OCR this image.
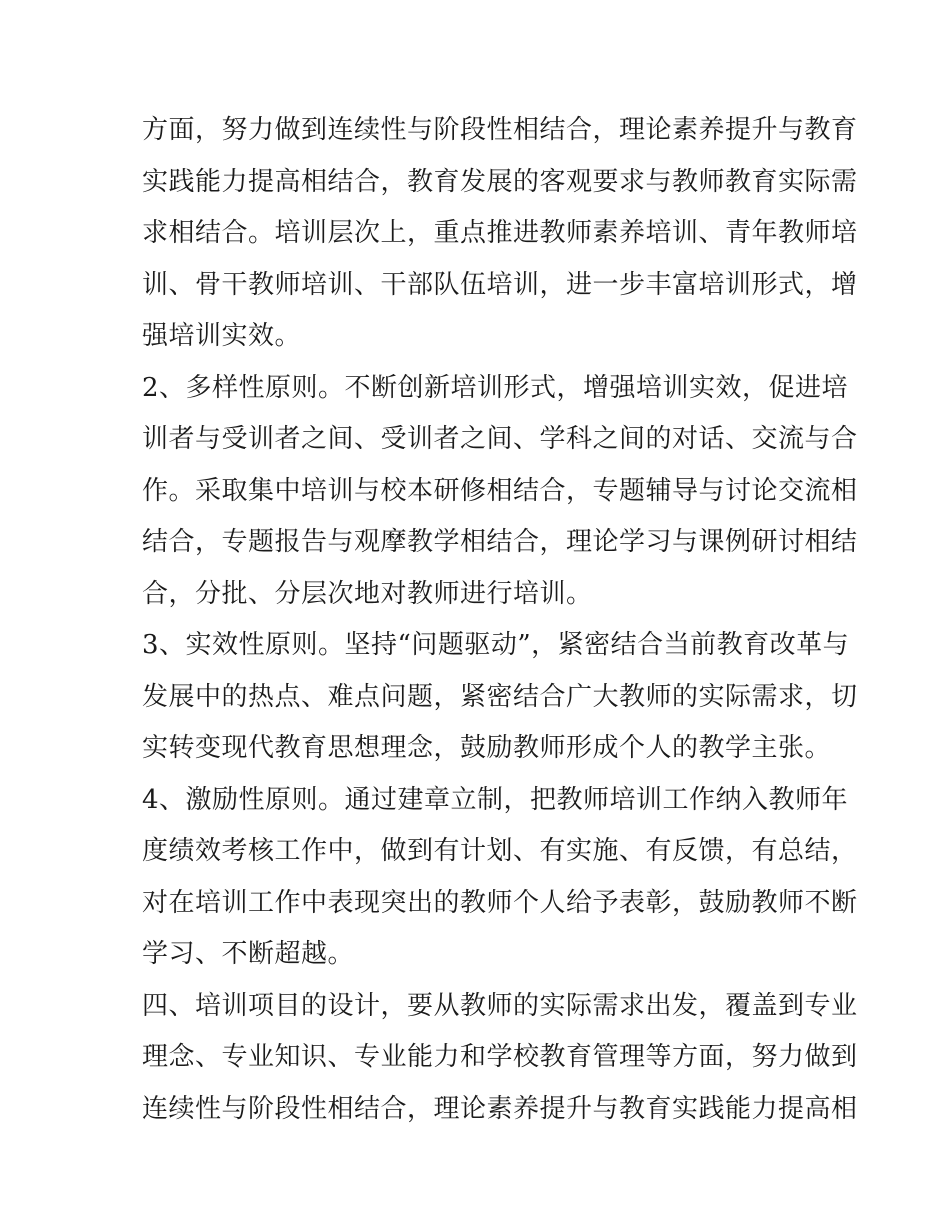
方面，努力做到连续性与阶段性相结合，理论素养提升与教育
实践能力提高相结合，教育发展的客观要求与教师教育实际需
求相结合。培训层次上，重点推进教师素养培训、青年教师培
训、骨干教师培训、干部队伍培训，进一步丰富培训形式，增
强培训实效。
2、多样性原则。不断创新培训形式，增强培训实效，促进培
训者与受训者之间、受训者之间、学科之间的对话、交流与合
作。采取集中培训与校本研修相结合，专题辅导与讨论交流相
结合，专题报告与观摩教学相结合，理论学习与课例研讨相结
合，分批、分层次地对教师进行培训。
3、实效性原则。坚持“问题驱动”，紧密结合当前教育改革与
发展中的热点、难点问题，紧密结合广大教师的实际需求，切
实转变现代教育思想理念，鼓励教师形成个人的教学主张。
4、激励性原则。通过建章立制，把教师培训工作纳入教师年
度绩效考核工作中，做到有计划、有实施、有反馈，有总结，
对在培训工作中表现突出的教师个人给予表彰，鼓励教师不断
学习、不断超越。
四、培训项目的设计，要从教师的实际需求出发，覆盖到专业
理念、专业知识、专业能力和学校教育管理等方面，努力做到
连续性与阶段性相结合，理论素养提升与教育实践能力提高相
